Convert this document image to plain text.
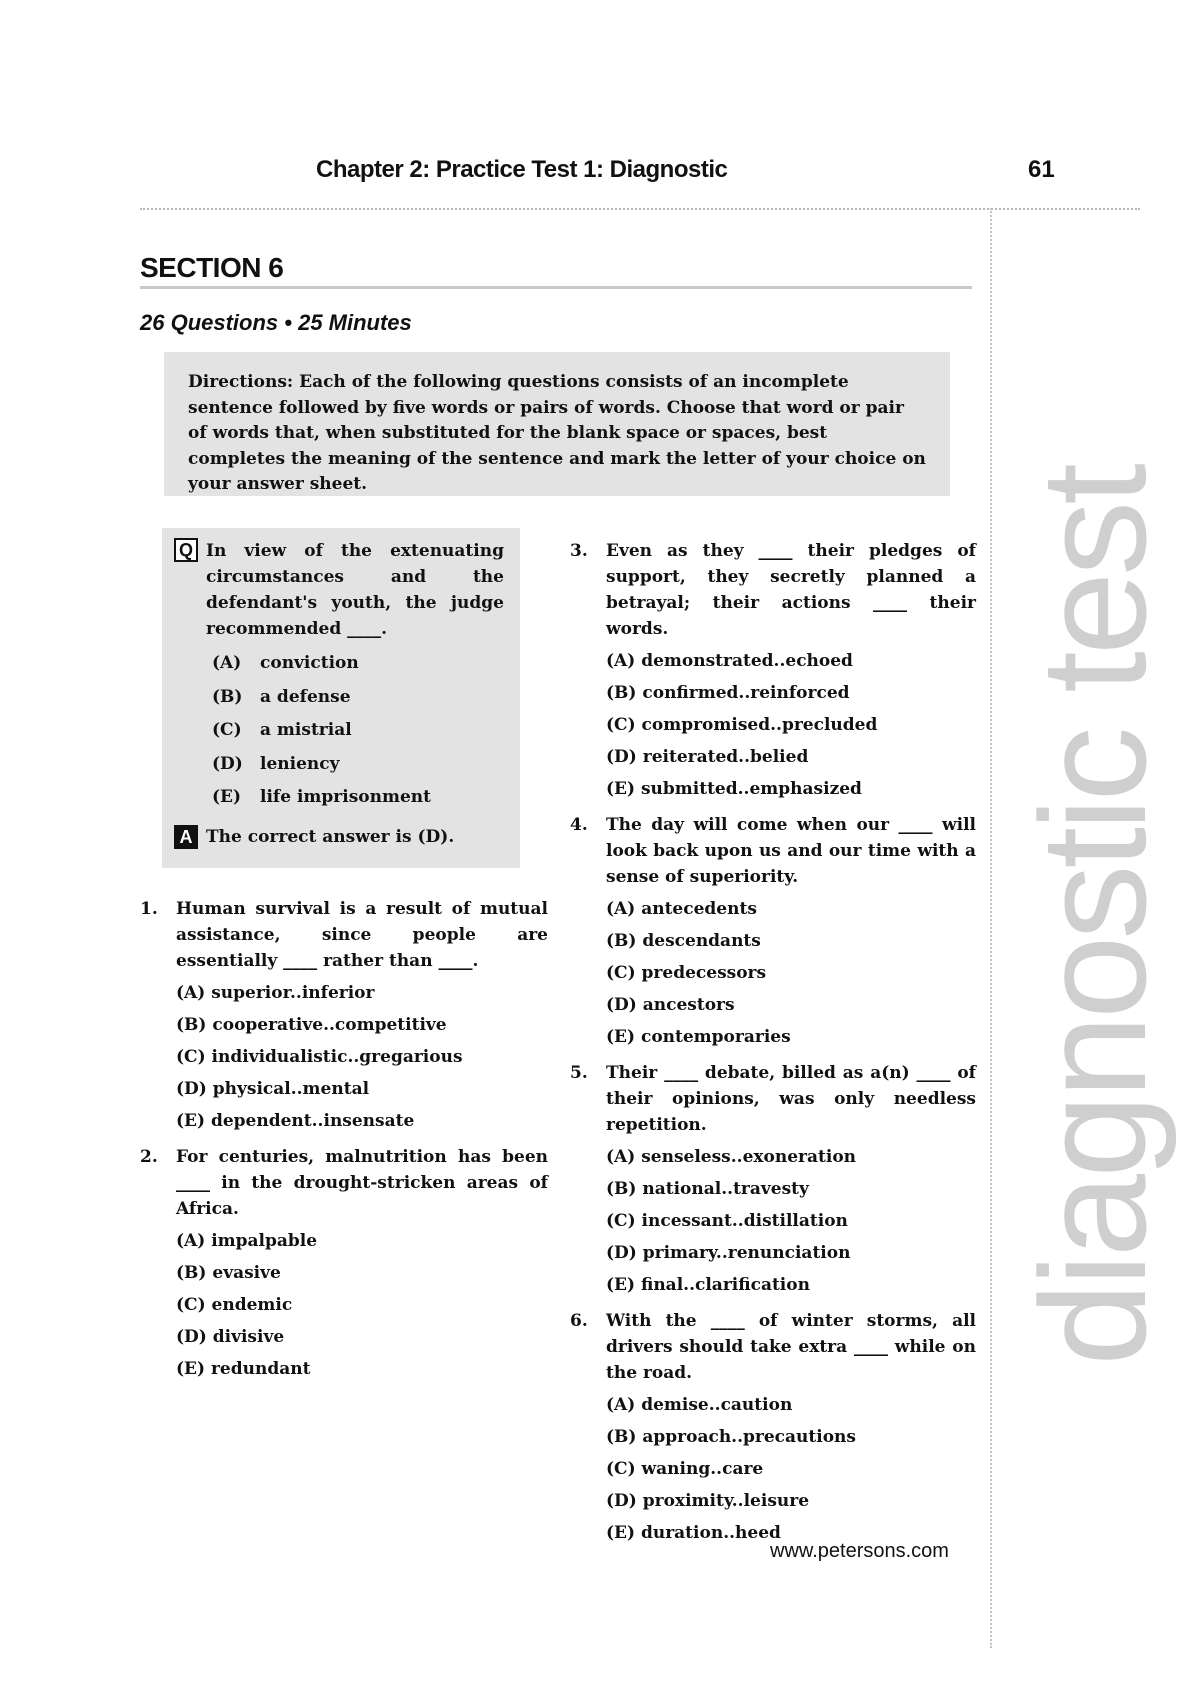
Chapter 2: Practice Test 1: Diagnostic	61
diagnostic test
SECTION 6
26 Questions • 25 Minutes
Directions: Each of the following questions consists of an incomplete sentence followed by five words or pairs of words. Choose that word or pair of words that, when substituted for the blank space or spaces, best completes the meaning of the sentence and mark the letter of your choice on your answer sheet.
Q In view of the extenuating circumstances and the defendant's youth, the judge recommended ____.
(A)	conviction
(B)	a defense
(C)	a mistrial
(D)	leniency
(E)	life imprisonment
A The correct answer is (D).
1.	Human survival is a result of mutual assistance, since people are essentially ____ rather than ____.
(A) superior..inferior
(B) cooperative..competitive
(C) individualistic..gregarious
(D) physical..mental
(E) dependent..insensate
2.	For centuries, malnutrition has been ____ in the drought-stricken areas of Africa.
(A) impalpable
(B) evasive
(C) endemic
(D) divisive
(E) redundant
3.	Even as they ____ their pledges of support, they secretly planned a betrayal; their actions ____ their words.
(A) demonstrated..echoed
(B) confirmed..reinforced
(C) compromised..precluded
(D) reiterated..belied
(E) submitted..emphasized
4.	The day will come when our ____ will look back upon us and our time with a sense of superiority.
(A) antecedents
(B) descendants
(C) predecessors
(D) ancestors
(E) contemporaries
5.	Their ____ debate, billed as a(n) ____ of their opinions, was only needless repetition.
(A) senseless..exoneration
(B) national..travesty
(C) incessant..distillation
(D) primary..renunciation
(E) final..clarification
6.	With the ____ of winter storms, all drivers should take extra ____ while on the road.
(A) demise..caution
(B) approach..precautions
(C) waning..care
(D) proximity..leisure
(E) duration..heed
www.petersons.com
